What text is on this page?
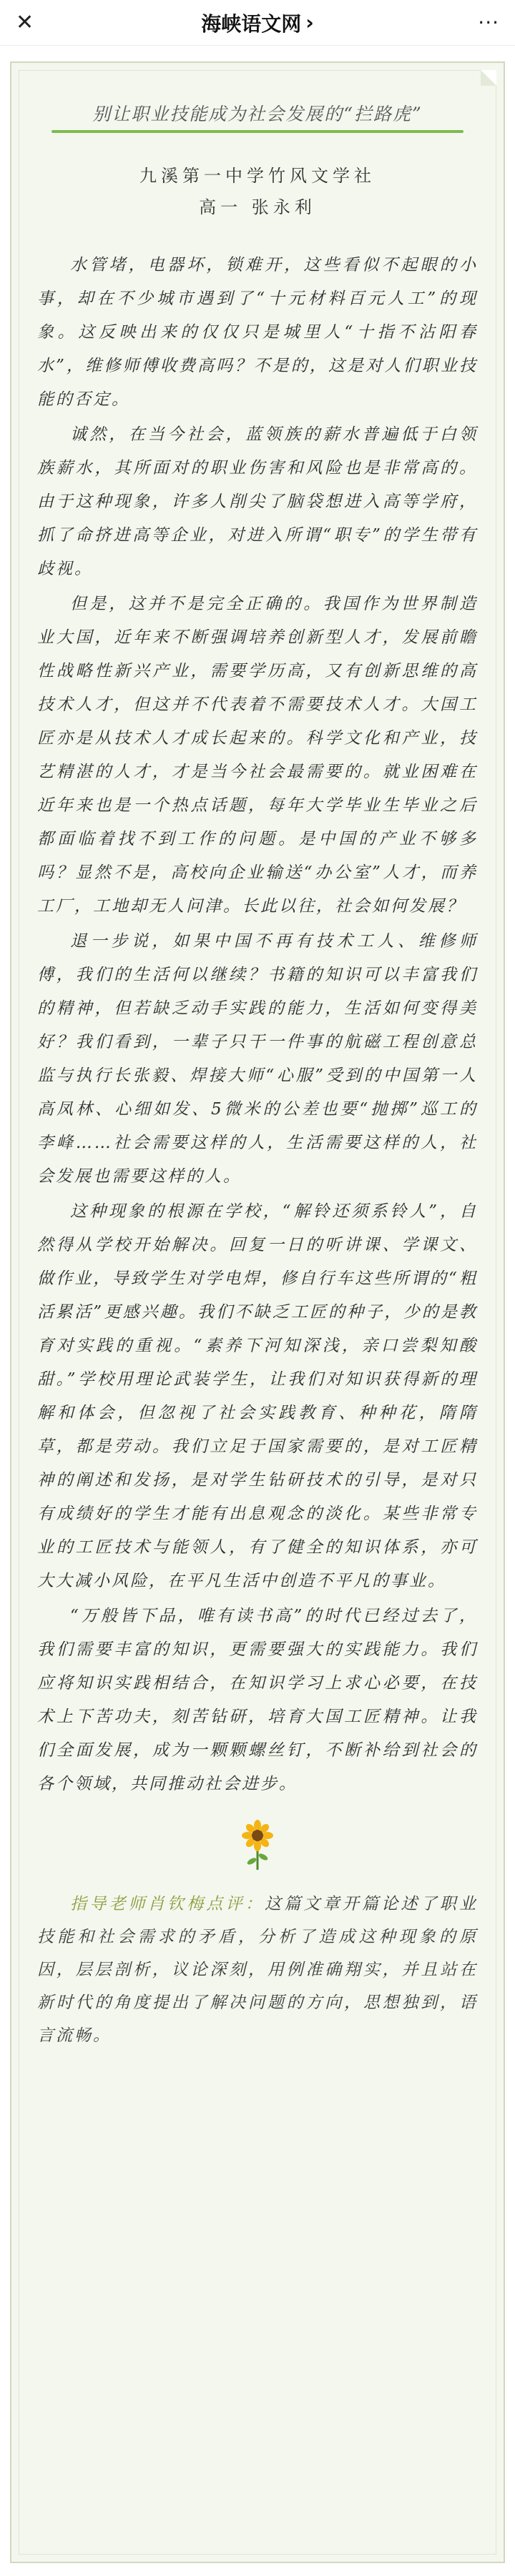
✕	海峡语文网 ›	···
别让职业技能成为社会发展的“拦路虎”
九溪第一中学竹风文学社
高一 张永利

水管堵，电器坏，锁难开，这些看似不起眼的小事，却在不少城市遇到了“十元材料百元人工”的现象。这反映出来的仅仅只是城里人“十指不沾阳春水”，维修师傅收费高吗？不是的，这是对人们职业技能的否定。

诚然，在当今社会，蓝领族的薪水普遍低于白领族薪水，其所面对的职业伤害和风险也是非常高的。由于这种现象，许多人削尖了脑袋想进入高等学府，抓了命挤进高等企业，对进入所谓“职专”的学生带有歧视。

但是，这并不是完全正确的。我国作为世界制造业大国，近年来不断强调培养创新型人才，发展前瞻性战略性新兴产业，需要学历高，又有创新思维的高技术人才，但这并不代表着不需要技术人才。大国工匠亦是从技术人才成长起来的。科学文化和产业，技艺精湛的人才，才是当今社会最需要的。就业困难在近年来也是一个热点话题，每年大学毕业生毕业之后都面临着找不到工作的问题。是中国的产业不够多吗？显然不是，高校向企业输送“办公室”人才，而养工厂，工地却无人问津。长此以往，社会如何发展？

退一步说，如果中国不再有技术工人、维修师傅，我们的生活何以继续？书籍的知识可以丰富我们的精神，但若缺乏动手实践的能力，生活如何变得美好？我们看到，一辈子只干一件事的航磁工程创意总监与执行长张毅、焊接大师“心服”受到的中国第一人高凤林、心细如发、5微米的公差也要“抛掷”巡工的李峰……社会需要这样的人，生活需要这样的人，社会发展也需要这样的人。

这种现象的根源在学校，“解铃还须系铃人”，自然得从学校开始解决。回复一日的听讲课、学课文、做作业，导致学生对学电焊，修自行车这些所谓的“粗活累活”更感兴趣。我们不缺乏工匠的种子，少的是教育对实践的重视。“素养下河知深浅，亲口尝梨知酸甜。”学校用理论武装学生，让我们对知识获得新的理解和体会，但忽视了社会实践教育、种种花，隋隋草，都是劳动。我们立足于国家需要的，是对工匠精神的阐述和发扬，是对学生钻研技术的引导，是对只有成绩好的学生才能有出息观念的淡化。某些非常专业的工匠技术与能领人，有了健全的知识体系，亦可大大减小风险，在平凡生活中创造不平凡的事业。

“万般皆下品，唯有读书高”的时代已经过去了，我们需要丰富的知识，更需要强大的实践能力。我们应将知识实践相结合，在知识学习上求心必要，在技术上下苦功夫，刻苦钻研，培育大国工匠精神。让我们全面发展，成为一颗颗螺丝钉，不断补给到社会的各个领域，共同推动社会进步。

指导老师肖钦梅点评：这篇文章开篇论述了职业技能和社会需求的矛盾，分析了造成这种现象的原因，层层剖析，议论深刻，用例准确翔实，并且站在新时代的角度提出了解决问题的方向，思想独到，语言流畅。
